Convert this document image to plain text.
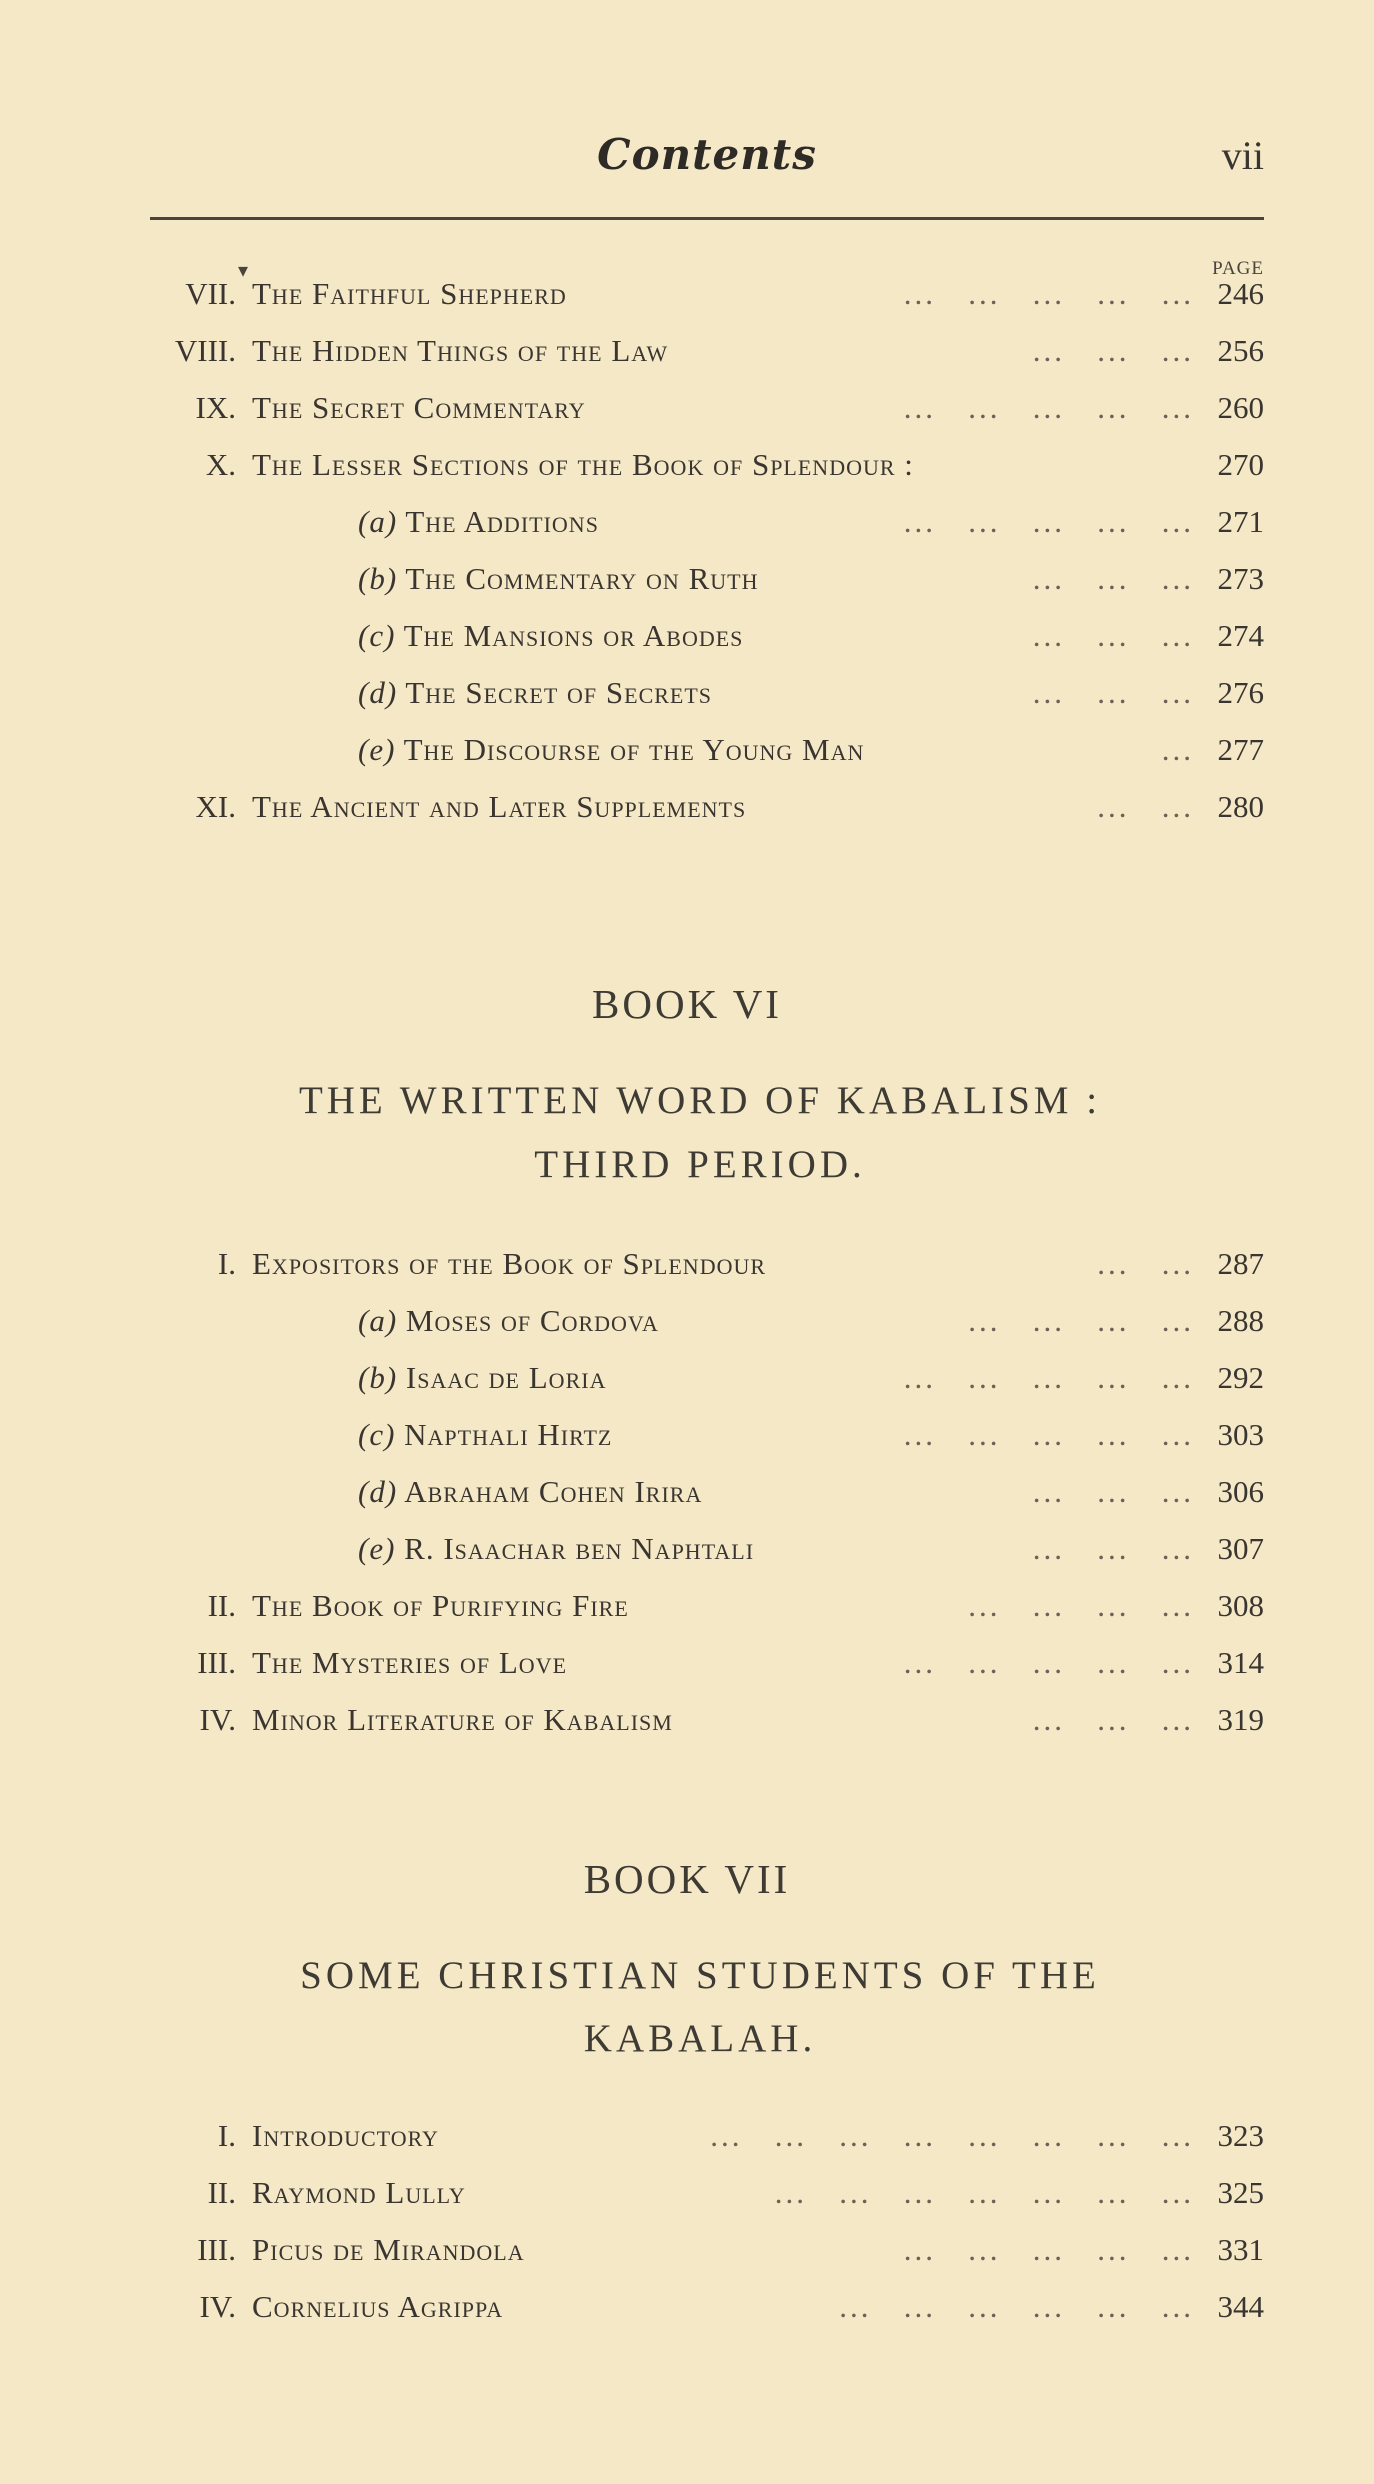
Contents	vii
▾	PAGE
VII. The Faithful Shepherd	...   ...   ...   ...   ... 246
VIII. The Hidden Things of the Law	...   ...   ... 256
IX. The Secret Commentary	...   ...   ...   ...   ... 260
X. The Lesser Sections of the Book of Splendour :	270
(a) The Additions	...   ...   ...   ...   ... 271
(b) The Commentary on Ruth	...   ...   ... 273
(c) The Mansions or Abodes	...   ...   ... 274
(d) The Secret of Secrets	...   ...   ... 276
(e) The Discourse of the Young Man	... 277
XI. The Ancient and Later Supplements	...   ... 280
BOOK VI
THE WRITTEN WORD OF KABALISM :
THIRD PERIOD.
I. Expositors of the Book of Splendour	...   ... 287
(a) Moses of Cordova	...   ...   ...   ... 288
(b) Isaac de Loria	...   ...   ...   ...   ... 292
(c) Napthali Hirtz	...   ...   ...   ...   ... 303
(d) Abraham Cohen Irira	...   ...   ... 306
(e) R. Isaachar ben Naphtali	...   ...   ... 307
II. The Book of Purifying Fire	...   ...   ...   ... 308
III. The Mysteries of Love	...   ...   ...   ...   ... 314
IV. Minor Literature of Kabalism	...   ...   ... 319
BOOK VII
SOME CHRISTIAN STUDENTS OF THE
KABALAH.
I. Introductory	...   ...   ...   ...   ...   ...   ...   ... 323
II. Raymond Lully	...   ...   ...   ...   ...   ...   ... 325
III. Picus de Mirandola	...   ...   ...   ...   ... 331
IV. Cornelius Agrippa	...   ...   ...   ...   ...   ... 344
